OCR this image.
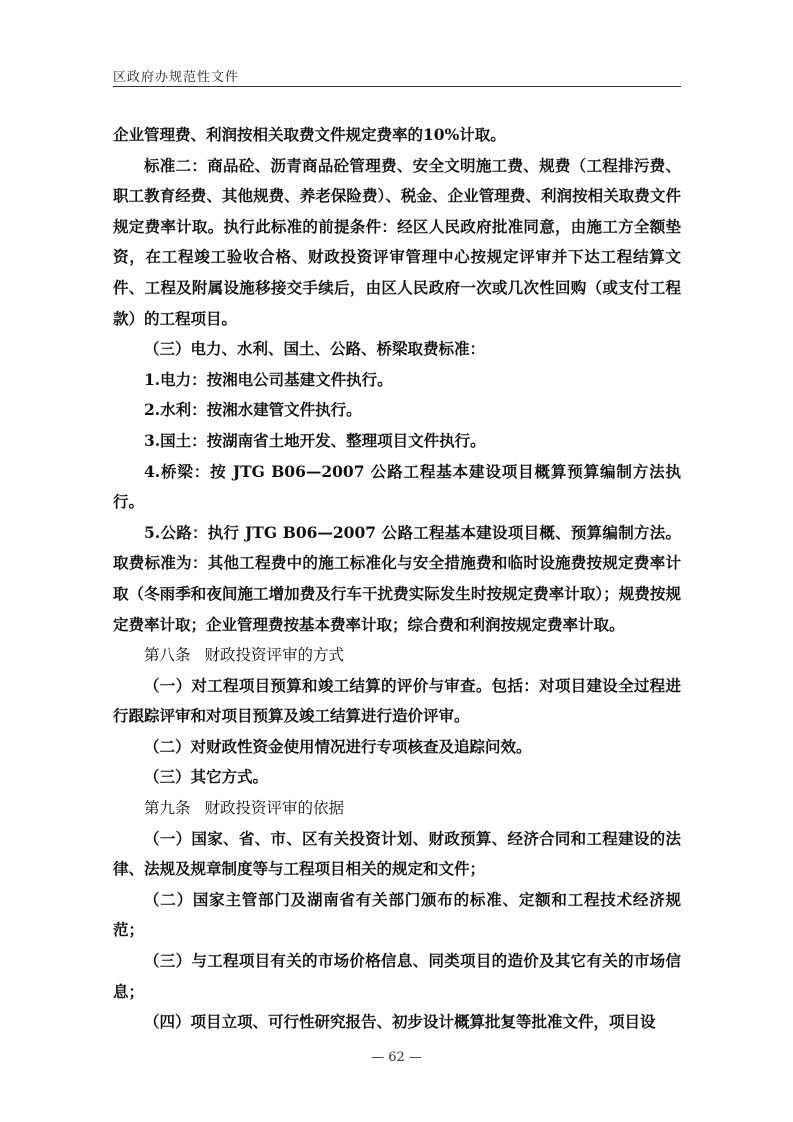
区政府办规范性文件

企业管理费、利润按相关取费文件规定费率的10%计取。

标准二：商品砼、沥青商品砼管理费、安全文明施工费、规费（工程排污费、职工教育经费、其他规费、养老保险费）、税金、企业管理费、利润按相关取费文件规定费率计取。执行此标准的前提条件：经区人民政府批准同意，由施工方全额垫资，在工程竣工验收合格、财政投资评审管理中心按规定评审并下达工程结算文件、工程及附属设施移接交手续后，由区人民政府一次或几次性回购（或支付工程款）的工程项目。

（三）电力、水利、国土、公路、桥梁取费标准：

1.电力：按湘电公司基建文件执行。

2.水利：按湘水建管文件执行。

3.国土：按湖南省土地开发、整理项目文件执行。

4.桥梁：按 JTG B06—2007 公路工程基本建设项目概算预算编制方法执行。

5.公路：执行 JTG B06—2007 公路工程基本建设项目概、预算编制方法。取费标准为：其他工程费中的施工标准化与安全措施费和临时设施费按规定费率计取（冬雨季和夜间施工增加费及行车干扰费实际发生时按规定费率计取）；规费按规定费率计取；企业管理费按基本费率计取；综合费和利润按规定费率计取。

第八条 财政投资评审的方式

（一）对工程项目预算和竣工结算的评价与审查。包括：对项目建设全过程进行跟踪评审和对项目预算及竣工结算进行造价评审。

（二）对财政性资金使用情况进行专项核查及追踪问效。

（三）其它方式。

第九条 财政投资评审的依据

（一）国家、省、市、区有关投资计划、财政预算、经济合同和工程建设的法律、法规及规章制度等与工程项目相关的规定和文件；

（二）国家主管部门及湖南省有关部门颁布的标准、定额和工程技术经济规范；

（三）与工程项目有关的市场价格信息、同类项目的造价及其它有关的市场信息；

（四）项目立项、可行性研究报告、初步设计概算批复等批准文件，项目设

— 62 —
